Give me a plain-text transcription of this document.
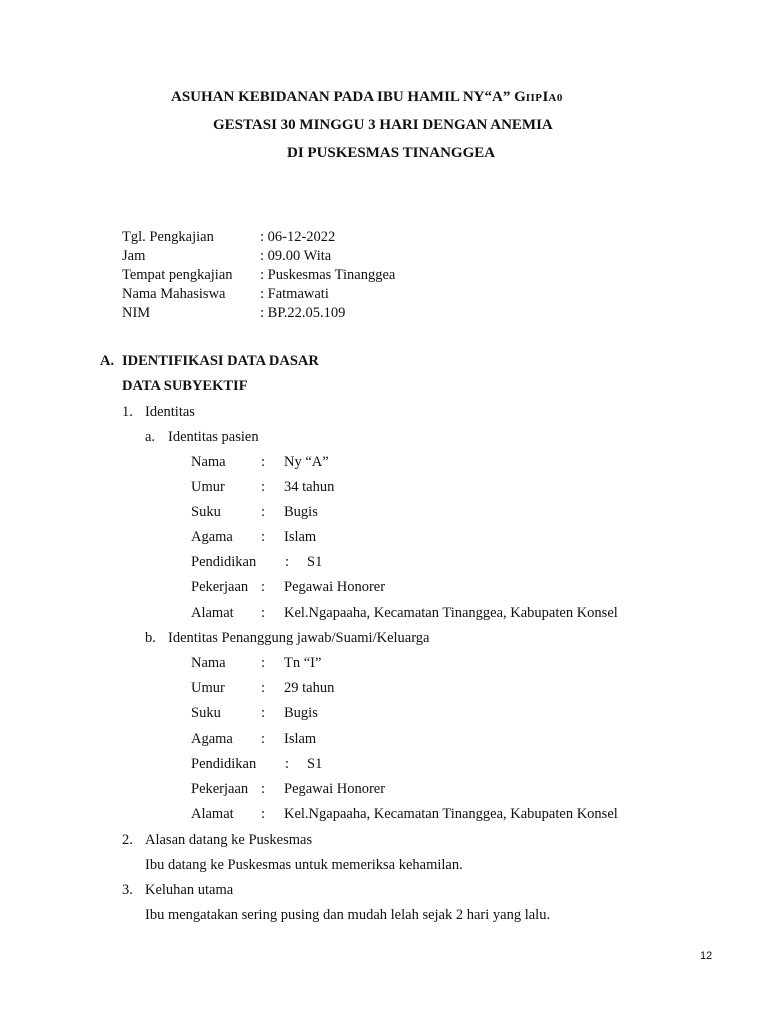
ASUHAN KEBIDANAN PADA IBU HAMIL NY“A” GIIPIA0
GESTASI 30 MINGGU 3 HARI DENGAN ANEMIA
DI PUSKESMAS TINANGGEA
Tgl. Pengkajian	: 06-12-2022
Jam	: 09.00 Wita
Tempat pengkajian : Puskesmas Tinanggea
Nama Mahasiswa : Fatmawati
NIM	: BP.22.05.109
A. IDENTIFIKASI DATA DASAR
DATA SUBYEKTIF
1. Identitas
a. Identitas pasien
Nama : Ny “A”
Umur : 34 tahun
Suku	: Bugis
Agama : Islam
Pendidikan : S1
Pekerjaan : Pegawai Honorer
Alamat : Kel.Ngapaaha, Kecamatan Tinanggea, Kabupaten Konsel
b. Identitas Penanggung jawab/Suami/Keluarga
Nama : Tn “I”
Umur : 29 tahun
Suku	: Bugis
Agama : Islam
Pendidikan : S1
Pekerjaan : Pegawai Honorer
Alamat : Kel.Ngapaaha, Kecamatan Tinanggea, Kabupaten Konsel
2. Alasan datang ke Puskesmas
Ibu datang ke Puskesmas untuk memeriksa kehamilan.
3. Keluhan utama
Ibu mengatakan sering pusing dan mudah lelah sejak 2 hari yang lalu.
12
